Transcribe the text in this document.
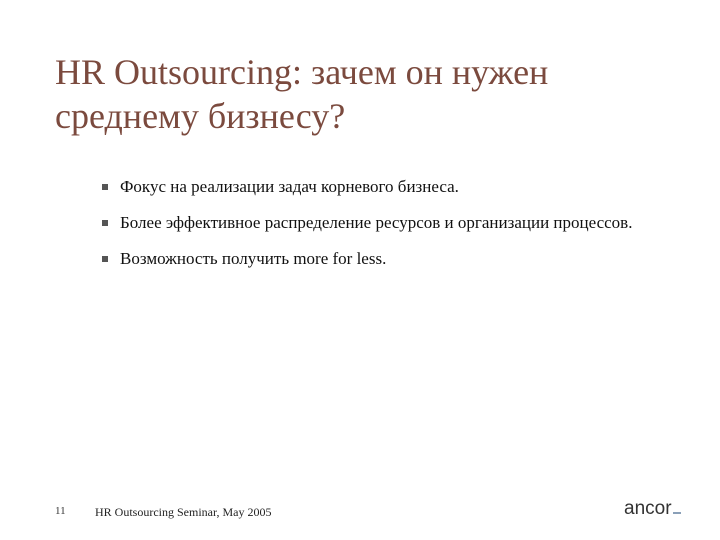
HR Outsourcing: зачем он нужен
среднему бизнесу?
Фокус на реализации задач корневого бизнеса.
Более эффективное распределение ресурсов и организации процессов.
Возможность получить more for less.
11 HR Outsourcing Seminar, May 2005	ancor
